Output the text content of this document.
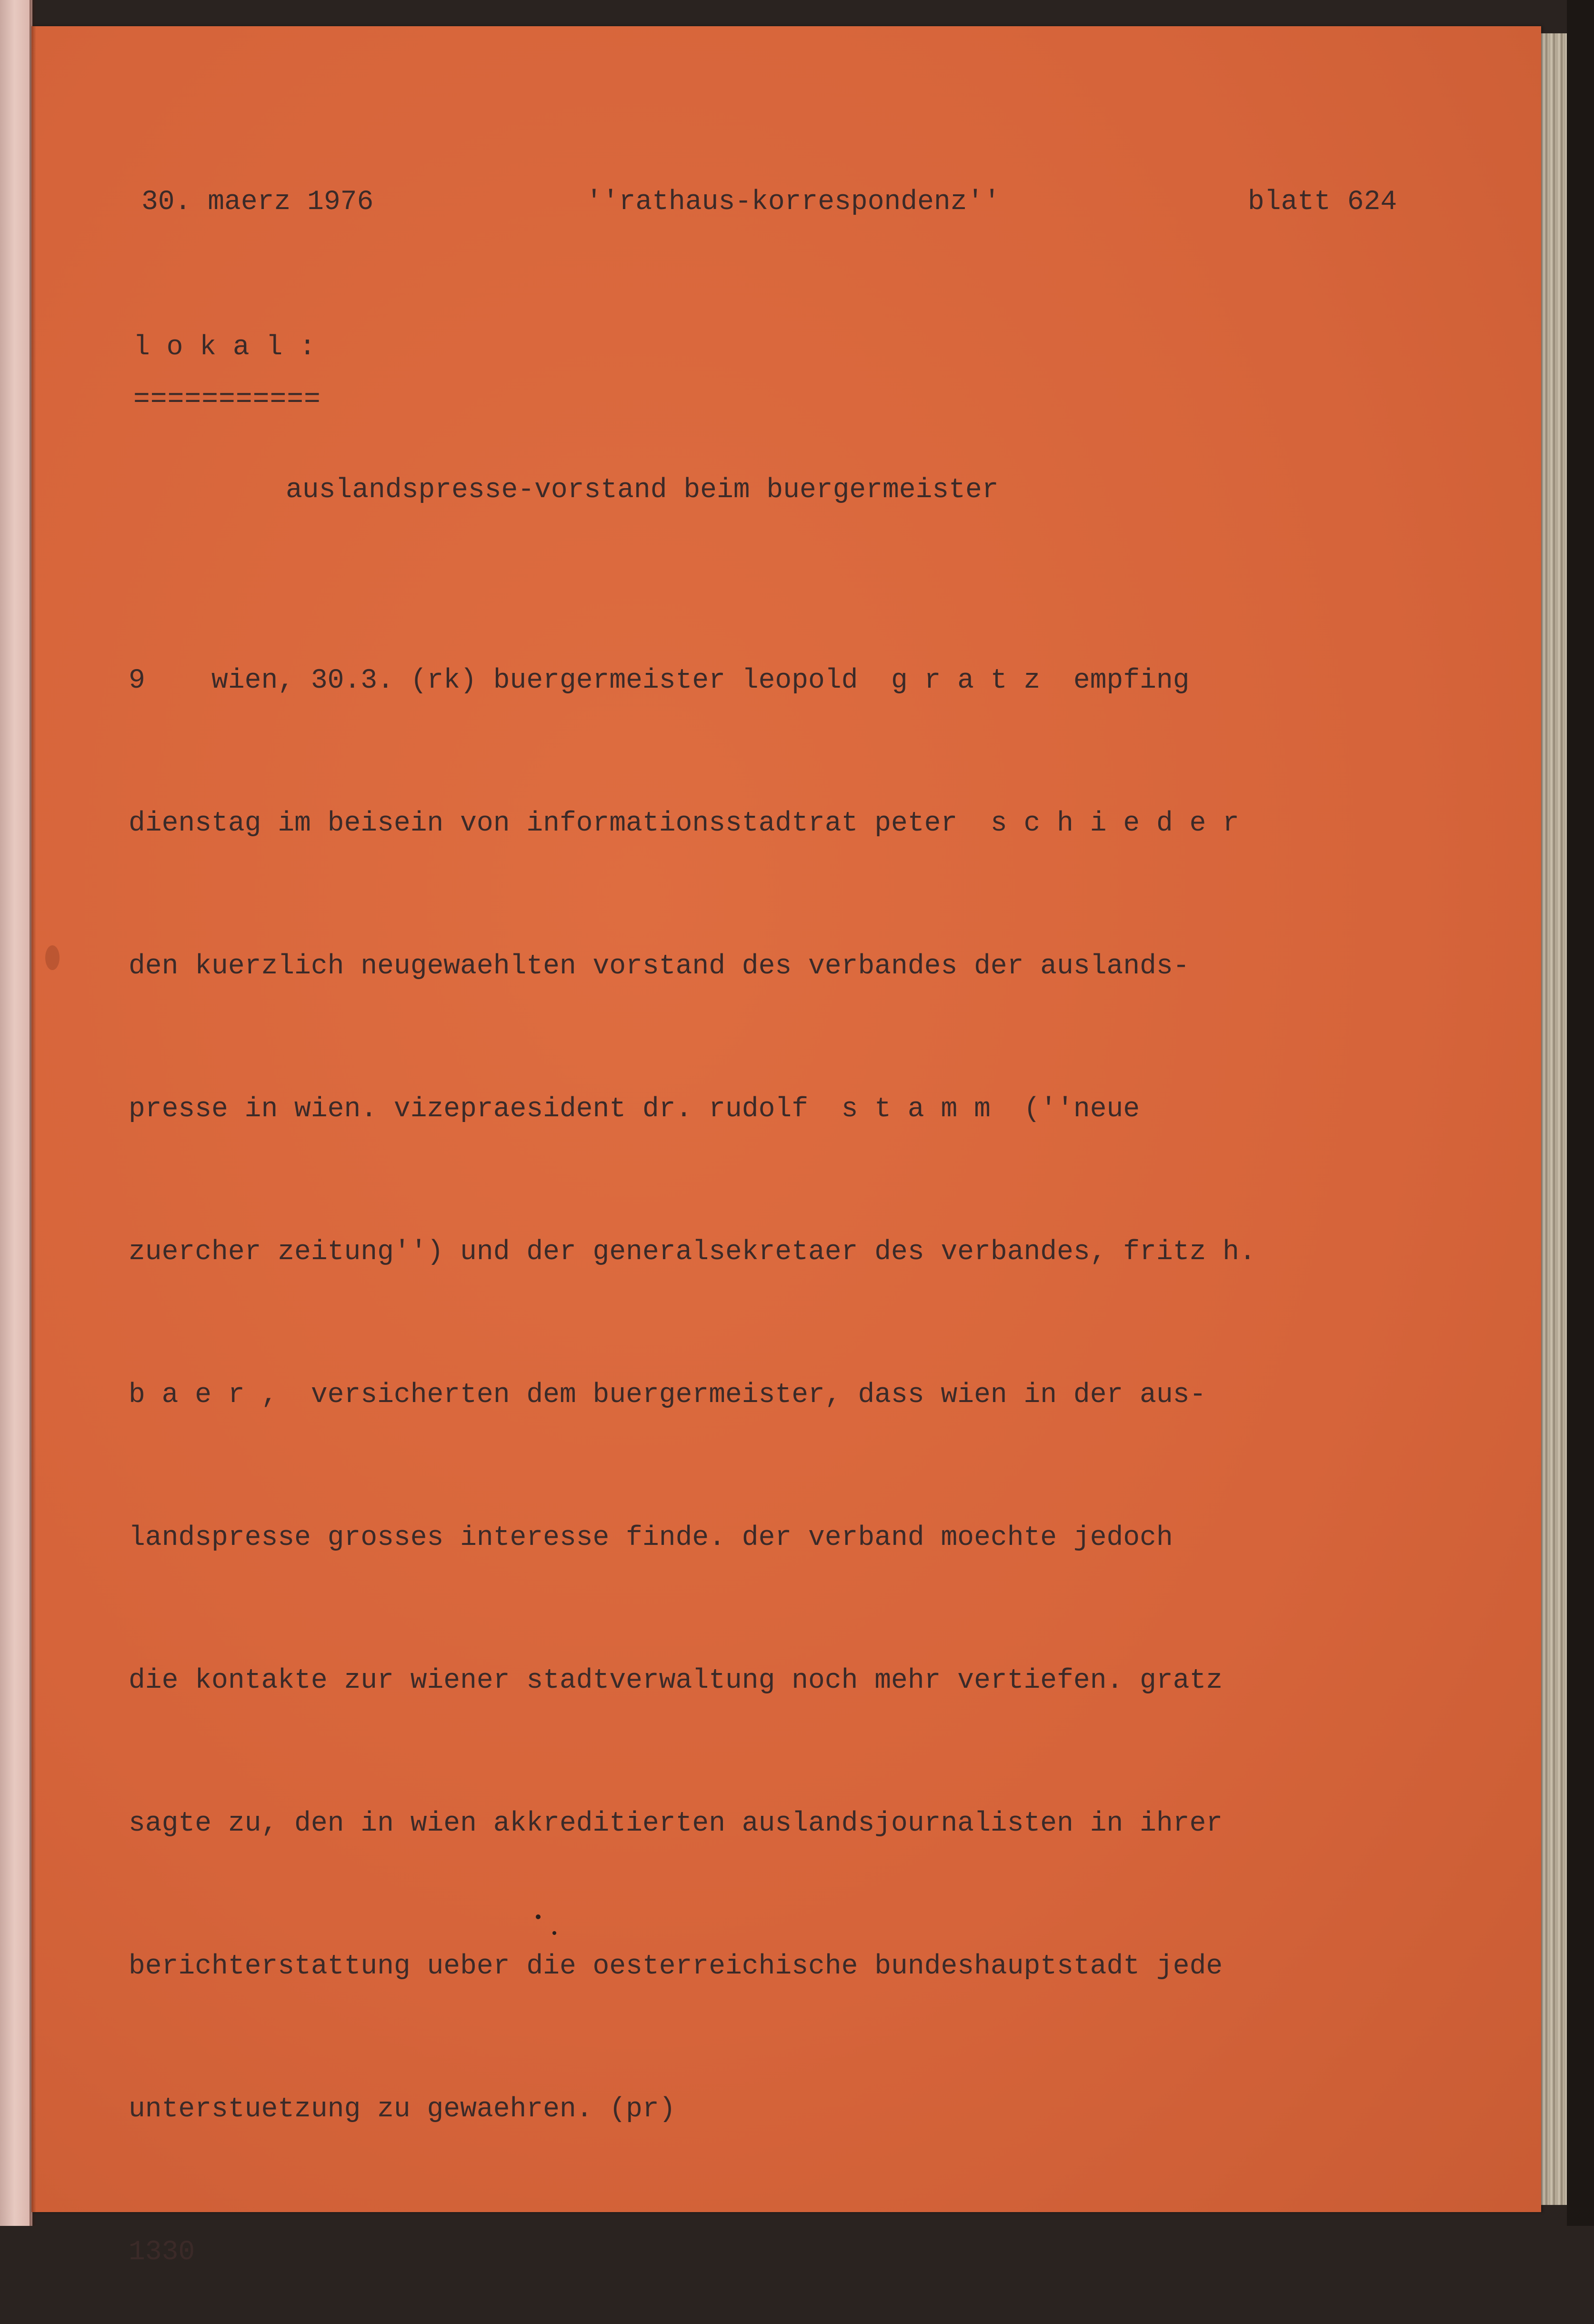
30. maerz 1976	''rathaus-korrespondenz''	blatt 624
l o k a l :
===========
auslandspresse-vorstand beim buergermeister

9    wien, 30.3. (rk) buergermeister leopold  g r a t z  empfing

dienstag im beisein von informationsstadtrat peter  s c h i e d e r

den kuerzlich neugewaehlten vorstand des verbandes der auslands-

presse in wien. vizepraesident dr. rudolf  s t a m m  (''neue

zuercher zeitung'') und der generalsekretaer des verbandes, fritz h.

b a e r ,  versicherten dem buergermeister, dass wien in der aus-

landspresse grosses interesse finde. der verband moechte jedoch

die kontakte zur wiener stadtverwaltung noch mehr vertiefen. gratz

sagte zu, den in wien akkreditierten auslandsjournalisten in ihrer

berichterstattung ueber die oesterreichische bundeshauptstadt jede

unterstuetzung zu gewaehren. (pr)

1330
